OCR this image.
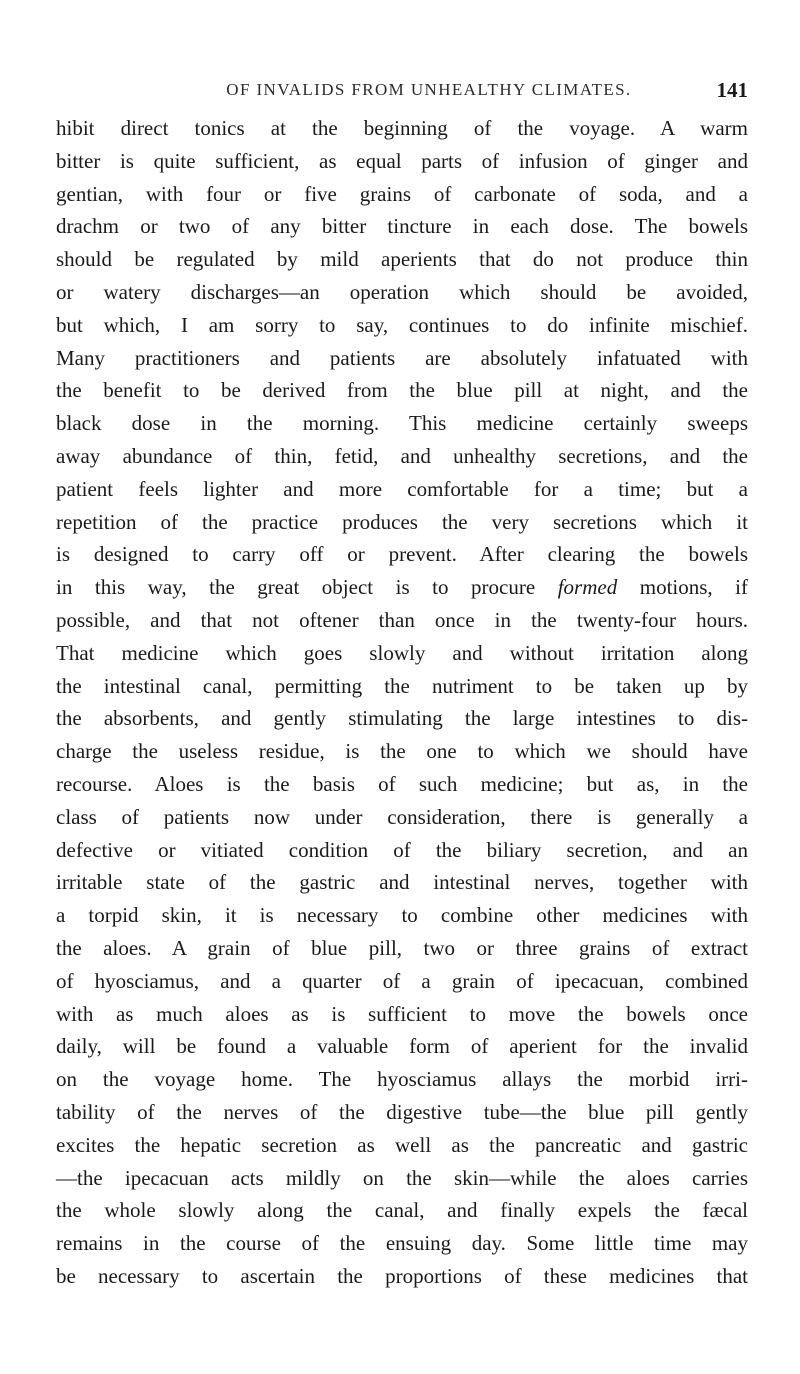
OF INVALIDS FROM UNHEALTHY CLIMATES.	141
hibit direct tonics at the beginning of the voyage. A warm
bitter is quite sufficient, as equal parts of infusion of ginger and
gentian, with four or five grains of carbonate of soda, and a
drachm or two of any bitter tincture in each dose. The bowels
should be regulated by mild aperients that do not produce thin
or watery discharges—an operation which should be avoided,
but which, I am sorry to say, continues to do infinite mischief.
Many practitioners and patients are absolutely infatuated with
the benefit to be derived from the blue pill at night, and the
black dose in the morning. This medicine certainly sweeps
away abundance of thin, fetid, and unhealthy secretions, and the
patient feels lighter and more comfortable for a time; but a
repetition of the practice produces the very secretions which it
is designed to carry off or prevent. After clearing the bowels
in this way, the great object is to procure formed motions, if
possible, and that not oftener than once in the twenty-four hours.
That medicine which goes slowly and without irritation along
the intestinal canal, permitting the nutriment to be taken up by
the absorbents, and gently stimulating the large intestines to dis-
charge the useless residue, is the one to which we should have
recourse. Aloes is the basis of such medicine; but as, in the
class of patients now under consideration, there is generally a
defective or vitiated condition of the biliary secretion, and an
irritable state of the gastric and intestinal nerves, together with
a torpid skin, it is necessary to combine other medicines with
the aloes. A grain of blue pill, two or three grains of extract
of hyosciamus, and a quarter of a grain of ipecacuan, combined
with as much aloes as is sufficient to move the bowels once
daily, will be found a valuable form of aperient for the invalid
on the voyage home. The hyosciamus allays the morbid irri-
tability of the nerves of the digestive tube—the blue pill gently
excites the hepatic secretion as well as the pancreatic and gastric
—the ipecacuan acts mildly on the skin—while the aloes carries
the whole slowly along the canal, and finally expels the fæcal
remains in the course of the ensuing day. Some little time may
be necessary to ascertain the proportions of these medicines that
